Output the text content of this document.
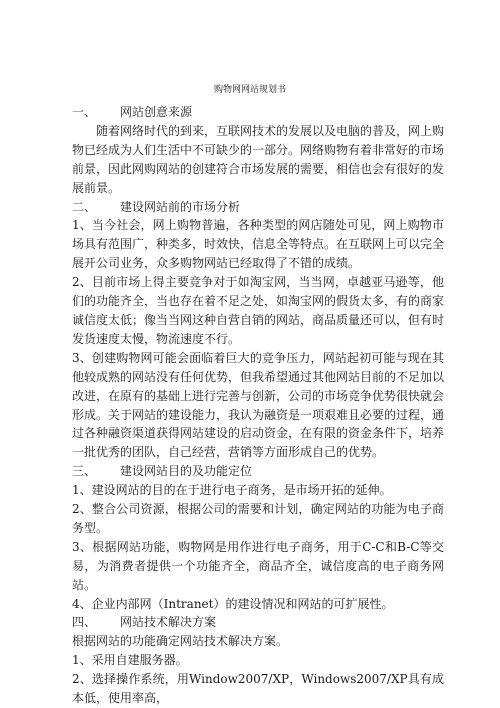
购物网网站规划书

一、 网站创意来源

随着网络时代的到来，互联网技术的发展以及电脑的普及，网上购物已经成为人们生活中不可缺少的一部分。网络购物有着非常好的市场前景，因此网购网站的创建符合市场发展的需要，相信也会有很好的发展前景。

二、 建设网站前的市场分析

1、当今社会，网上购物普遍，各种类型的网店随处可见，网上购物市场具有范围广，种类多，时效快，信息全等特点。在互联网上可以完全展开公司业务，众多购物网站已经取得了不错的成绩。

2、目前市场上得主要竞争对于如淘宝网，当当网，卓越亚马逊等，他们的功能齐全，当也存在着不足之处，如淘宝网的假货太多，有的商家诚信度太低；像当当网这种自营自销的网站，商品质量还可以，但有时发货速度太慢，物流速度不行。

3、创建购物网可能会面临着巨大的竞争压力，网站起初可能与现在其他较成熟的网站没有任何优势，但我希望通过其他网站目前的不足加以改进，在原有的基础上进行完善与创新，公司的市场竞争优势很快就会形成。关于网站的建设能力，我认为融资是一项艰难且必要的过程，通过各种融资渠道获得网站建设的启动资金，在有限的资金条件下，培养一批优秀的团队，自己经营，营销等方面形成自己的优势。

三、 建设网站目的及功能定位

1、建设网站的目的在于进行电子商务，是市场开拓的延伸。

2、整合公司资源，根据公司的需要和计划，确定网站的功能为电子商务型。

3、根据网站功能，购物网是用作进行电子商务，用于C-C和B-C等交易，为消费者提供一个功能齐全，商品齐全，诚信度高的电子商务网站。

4、企业内部网（Intranet）的建设情况和网站的可扩展性。

四、 网站技术解决方案

根据网站的功能确定网站技术解决方案。

1、采用自建服务器。

2、选择操作系统，用Window2007/XP，Windows2007/XP具有成本低，使用率高，
